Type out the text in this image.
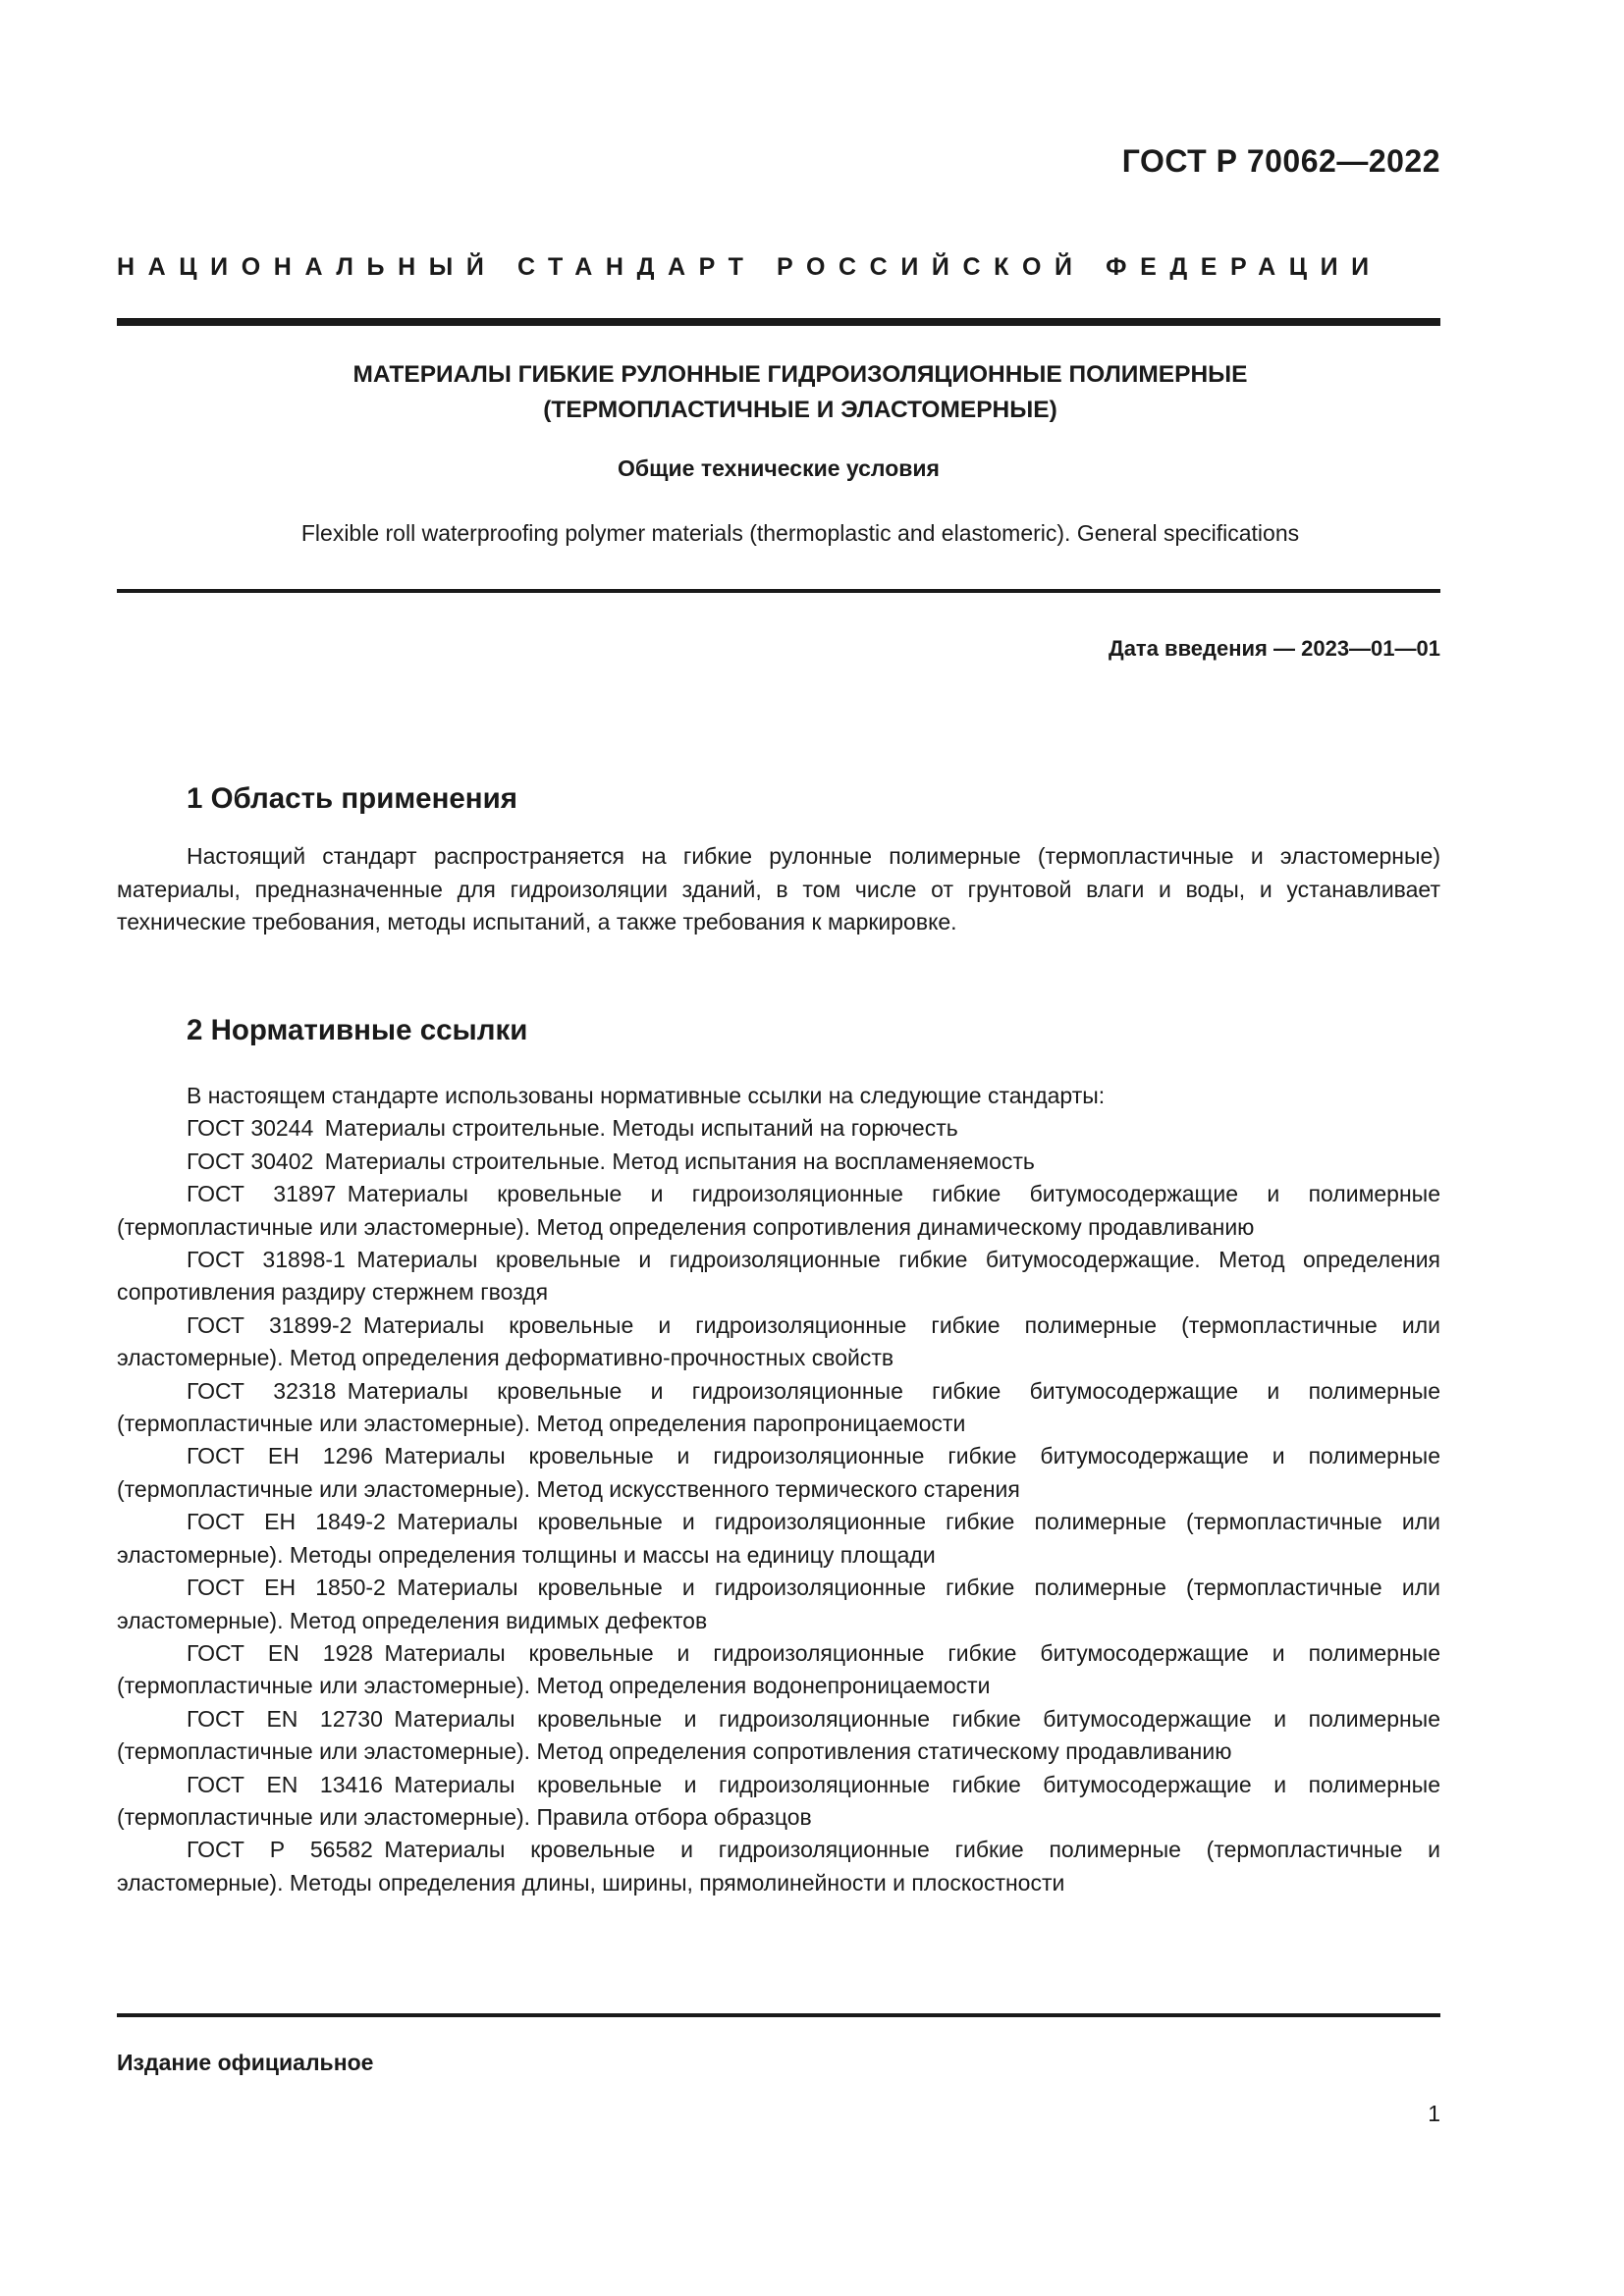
ГОСТ Р 70062—2022
НАЦИОНАЛЬНЫЙ СТАНДАРТ РОССИЙСКОЙ ФЕДЕРАЦИИ
МАТЕРИАЛЫ ГИБКИЕ РУЛОННЫЕ ГИДРОИЗОЛЯЦИОННЫЕ ПОЛИМЕРНЫЕ
(ТЕРМОПЛАСТИЧНЫЕ И ЭЛАСТОМЕРНЫЕ)
Общие технические условия
Flexible roll waterproofing polymer materials (thermoplastic and elastomeric). General specifications
Дата введения — 2023—01—01
1 Область применения

Настоящий стандарт распространяется на гибкие рулонные полимерные (термопластичные и эластомерные) материалы, предназначенные для гидроизоляции зданий, в том числе от грунтовой влаги и воды, и устанавливает технические требования, методы испытаний, а также требования к маркировке.

2 Нормативные ссылки

В настоящем стандарте использованы нормативные ссылки на следующие стандарты:

ГОСТ 30244  Материалы строительные. Методы испытаний на горючесть

ГОСТ 30402  Материалы строительные. Метод испытания на воспламеняемость

ГОСТ 31897  Материалы кровельные и гидроизоляционные гибкие битумосодержащие и полимерные (термопластичные или эластомерные). Метод определения сопротивления динамическому продавливанию

ГОСТ 31898-1  Материалы кровельные и гидроизоляционные гибкие битумосодержащие. Метод определения сопротивления раздиру стержнем гвоздя

ГОСТ 31899-2  Материалы кровельные и гидроизоляционные гибкие полимерные (термопластичные или эластомерные). Метод определения деформативно-прочностных свойств

ГОСТ 32318  Материалы кровельные и гидроизоляционные гибкие битумосодержащие и полимерные (термопластичные или эластомерные). Метод определения паропроницаемости

ГОСТ ЕН 1296  Материалы кровельные и гидроизоляционные гибкие битумосодержащие и полимерные (термопластичные или эластомерные). Метод искусственного термического старения

ГОСТ ЕН 1849-2  Материалы кровельные и гидроизоляционные гибкие полимерные (термопластичные или эластомерные). Методы определения толщины и массы на единицу площади

ГОСТ ЕН 1850-2  Материалы кровельные и гидроизоляционные гибкие полимерные (термопластичные или эластомерные). Метод определения видимых дефектов

ГОСТ EN 1928  Материалы кровельные и гидроизоляционные гибкие битумосодержащие и полимерные (термопластичные или эластомерные). Метод определения водонепроницаемости

ГОСТ EN 12730  Материалы кровельные и гидроизоляционные гибкие битумосодержащие и полимерные (термопластичные или эластомерные). Метод определения сопротивления статическому продавливанию

ГОСТ EN 13416  Материалы кровельные и гидроизоляционные гибкие битумосодержащие и полимерные (термопластичные или эластомерные). Правила отбора образцов

ГОСТ Р 56582  Материалы кровельные и гидроизоляционные гибкие полимерные (термопластичные и эластомерные). Методы определения длины, ширины, прямолинейности и плоскостности

Издание официальное
1
